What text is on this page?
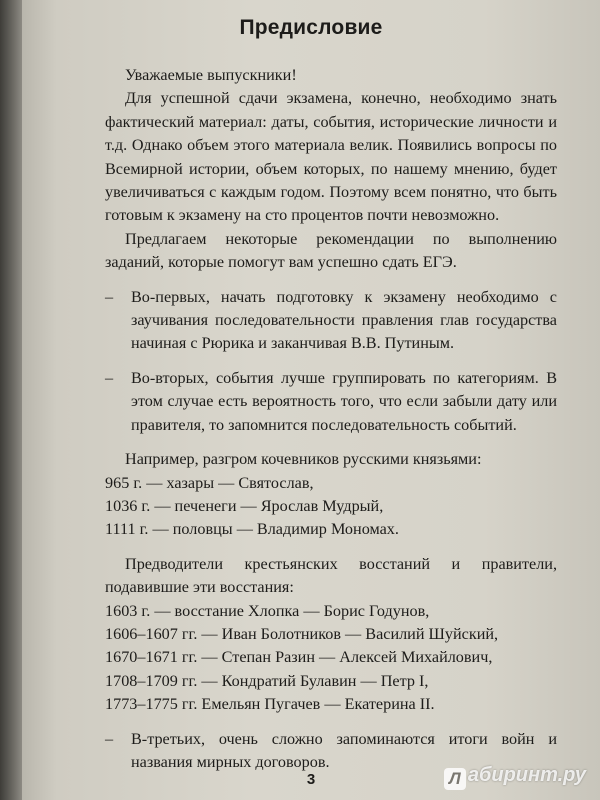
Предисловие

Уважаемые выпускники!

Для успешной сдачи экзамена, конечно, необходимо знать фактический материал: даты, события, исторические личности и т.д. Однако объем этого материала велик. Появились вопросы по Всемирной истории, объем которых, по нашему мнению, будет увеличиваться с каждым годом. Поэтому всем понятно, что быть готовым к экзамену на сто процентов почти невозможно.

Предлагаем некоторые рекомендации по выполнению заданий, которые помогут вам успешно сдать ЕГЭ.

– Во-первых, начать подготовку к экзамену необходимо с заучивания последовательности правления глав государства начиная с Рюрика и заканчивая В.В. Путиным.

– Во-вторых, события лучше группировать по категориям. В этом случае есть вероятность того, что если забыли дату или правителя, то запомнится последовательность событий.

Например, разгром кочевников русскими князьями:

965 г. — хазары — Святослав,

1036 г. — печенеги — Ярослав Мудрый,

1111 г. — половцы — Владимир Мономах.

Предводители крестьянских восстаний и правители, подавившие эти восстания:

1603 г. — восстание Хлопка — Борис Годунов,

1606–1607 гг. — Иван Болотников — Василий Шуйский,

1670–1671 гг. — Степан Разин — Алексей Михайлович,

1708–1709 гг. — Кондратий Булавин — Петр I,

1773–1775 гг. Емельян Пугачев — Екатерина II.

– В-третьих, очень сложно запоминаются итоги войн и названия мирных договоров.

3	Л абиринт.ру
